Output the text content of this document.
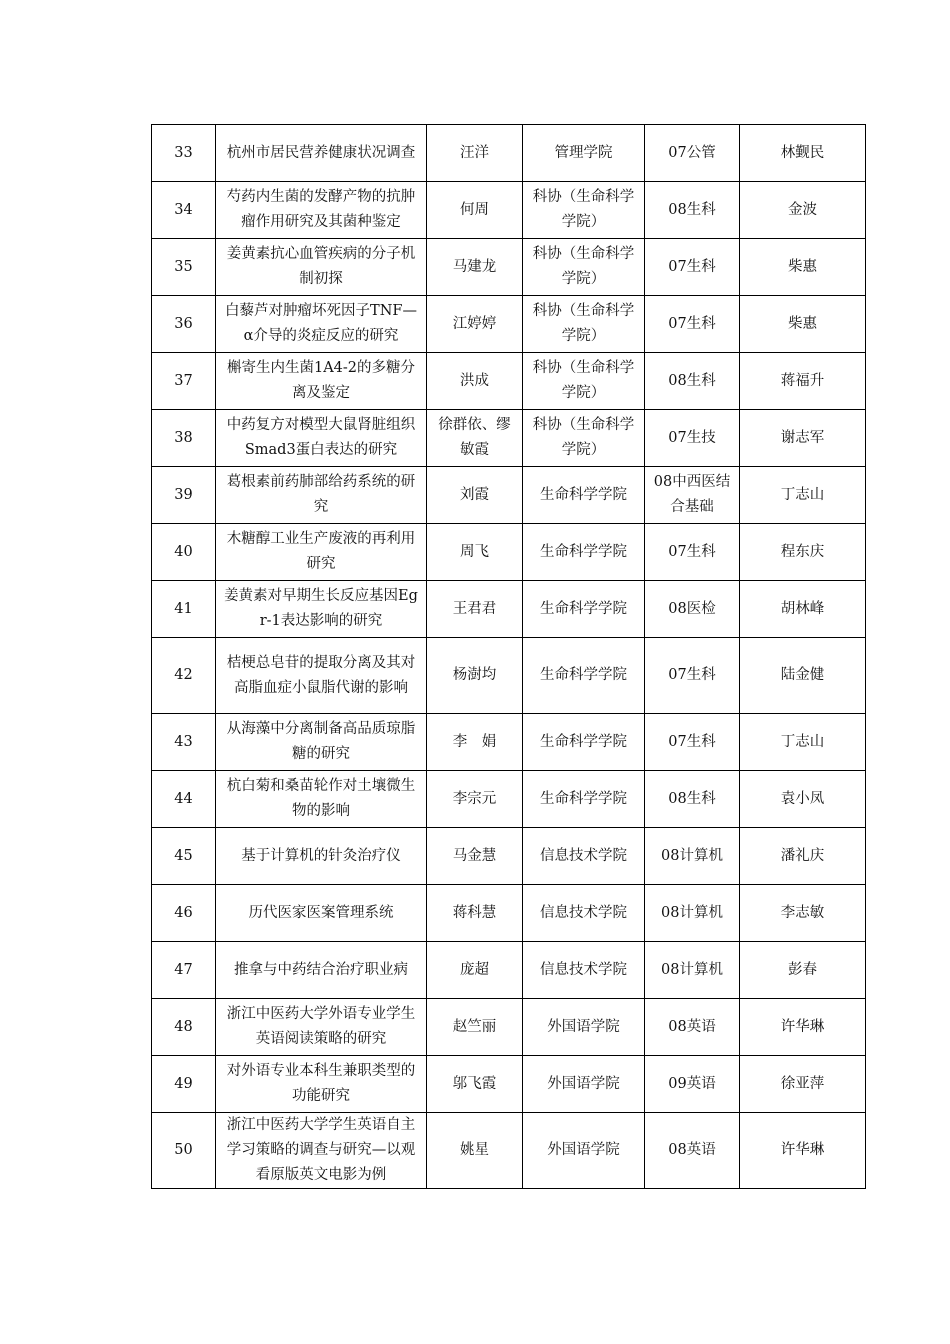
33	杭州市居民营养健康状况调查	汪洋	管理学院	07公管	林觐民
34	芍药内生菌的发酵产物的抗肿瘤作用研究及其菌种鉴定	何周	科协（生命科学学院）	08生科	金波
35	姜黄素抗心血管疾病的分子机制初探	马建龙	科协（生命科学学院）	07生科	柴惠
36	白藜芦对肿瘤坏死因子TNF—α介导的炎症反应的研究	江婷婷	科协（生命科学学院）	07生科	柴惠
37	槲寄生内生菌1A4-2的多糖分离及鉴定	洪成	科协（生命科学学院）	08生科	蒋福升
38	中药复方对模型大鼠肾脏组织Smad3蛋白表达的研究	徐群依、缪敏霞	科协（生命科学学院）	07生技	谢志军
39	葛根素前药肺部给药系统的研究	刘霞	生命科学学院	08中西医结合基础	丁志山
40	木糖醇工业生产废液的再利用研究	周飞	生命科学学院	07生科	程东庆
41	姜黄素对早期生长反应基因Egr-1表达影响的研究	王君君	生命科学学院	08医检	胡林峰
42	桔梗总皂苷的提取分离及其对高脂血症小鼠脂代谢的影响	杨澍均	生命科学学院	07生科	陆金健
43	从海藻中分离制备高品质琼脂糖的研究	李　娟	生命科学学院	07生科	丁志山
44	杭白菊和桑苗轮作对土壤微生物的影响	李宗元	生命科学学院	08生科	袁小凤
45	基于计算机的针灸治疗仪	马金慧	信息技术学院	08计算机	潘礼庆
46	历代医家医案管理系统	蒋科慧	信息技术学院	08计算机	李志敏
47	推拿与中药结合治疗职业病	庞超	信息技术学院	08计算机	彭春
48	浙江中医药大学外语专业学生英语阅读策略的研究	赵竺丽	外国语学院	08英语	许华琳
49	对外语专业本科生兼职类型的功能研究	邬飞霞	外国语学院	09英语	徐亚萍
50	浙江中医药大学学生英语自主学习策略的调查与研究—以观看原版英文电影为例	姚星	外国语学院	08英语	许华琳
